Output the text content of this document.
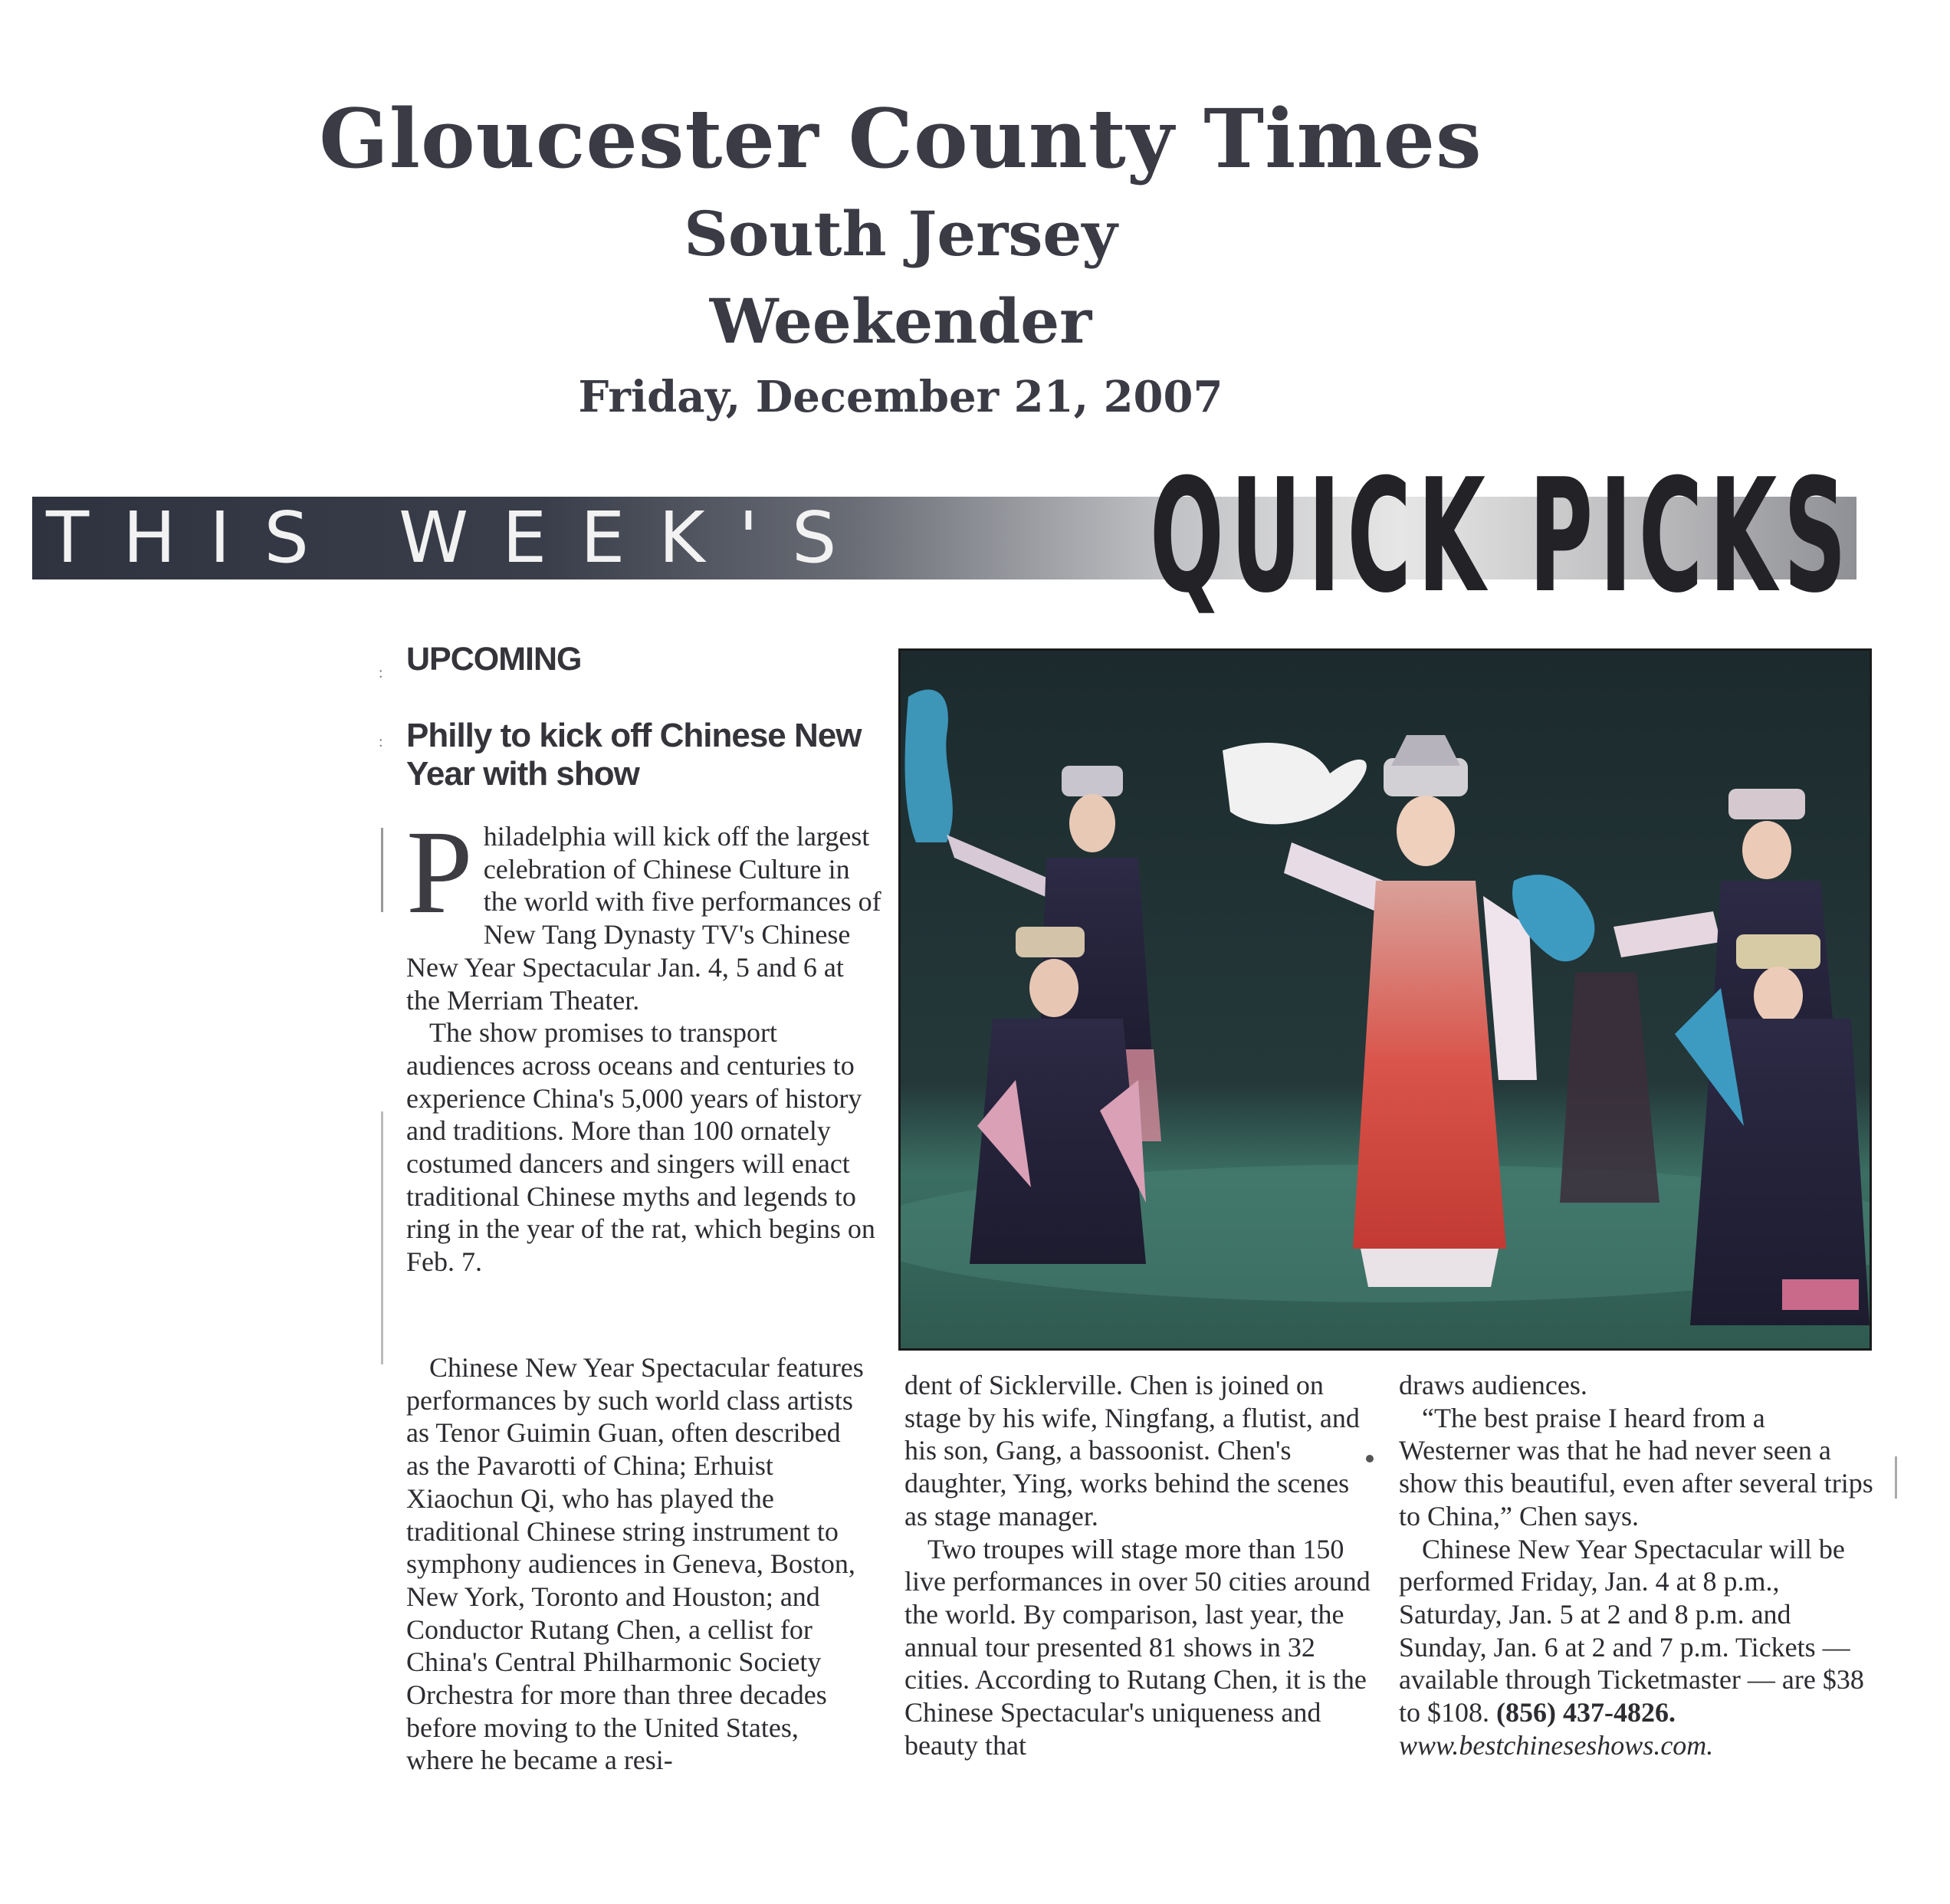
Gloucester County Times
South Jersey
Weekender
Friday, December 21, 2007
THIS WEEK'S QUICK PICKS
UPCOMING
Philly to kick off Chinese New Year with show
:
:

Philadelphia will kick off the largest celebration of Chinese Culture in the world with five performances of New Tang Dynasty TV's Chinese New Year Spectacular Jan. 4, 5 and 6 at the Merriam Theater.

The show promises to transport audiences across oceans and centuries to experience China's 5,000 years of history and traditions. More than 100 ornately costumed dancers and singers will enact traditional Chinese myths and legends to ring in the year of the rat, which begins on Feb. 7.

Chinese New Year Spectacular features performances by such world class artists as Tenor Guimin Guan, often described as the Pavarotti of China; Erhuist Xiaochun Qi, who has played the traditional Chinese string instrument to symphony audiences in Geneva, Boston, New York, Toronto and Houston; and Conductor Rutang Chen, a cellist for China's Central Philharmonic Society Orchestra for more than three decades before moving to the United States, where he became a resi-

dent of Sicklerville. Chen is joined on stage by his wife, Ningfang, a flutist, and his son, Gang, a bassoonist. Chen's daughter, Ying, works behind the scenes as stage manager.

Two troupes will stage more than 150 live performances in over 50 cities around the world. By comparison, last year, the annual tour presented 81 shows in 32 cities. According to Rutang Chen, it is the Chinese Spectacular's uniqueness and beauty that

draws audiences.

“The best praise I heard from a Westerner was that he had never seen a show this beautiful, even after several trips to China,” Chen says.

Chinese New Year Spectacular will be performed Friday, Jan. 4 at 8 p.m., Saturday, Jan. 5 at 2 and 8 p.m. and Sunday, Jan. 6 at 2 and 7 p.m. Tickets — available through Ticketmaster — are $38 to $108. (856) 437-4826. www.bestchineseshows.com.
